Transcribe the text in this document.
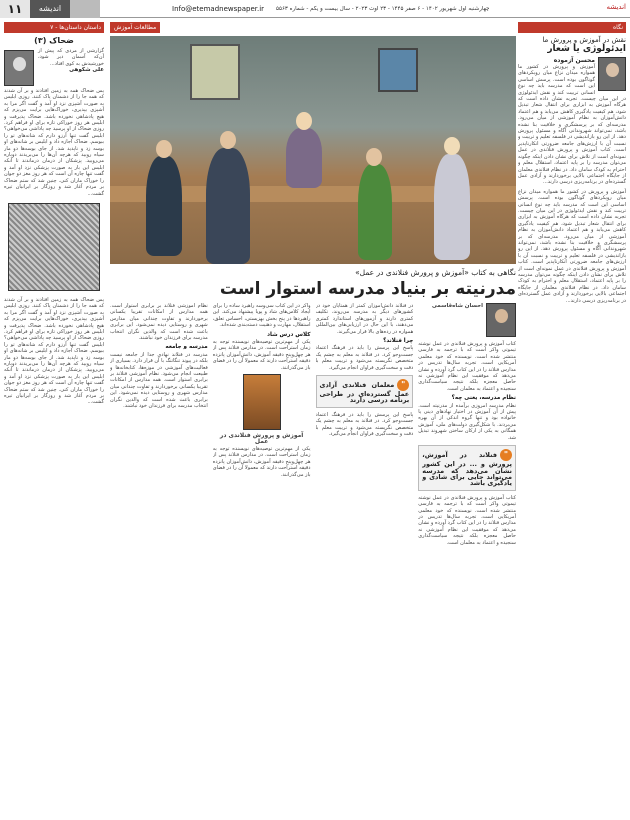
۱۱	اندیشه	Info@etemadnewspaper.ir چهارشنبه اول شهریور ۱۴۰۲ - ۶ صفر ۱۴۴۵ - ۲۳ اوت ۲۰۲۳ - سال بیست و یکم - شماره ۵۵۶۳	اندیشه
داستان داستان‌ها - ۷
ضحاک (۳)
گزارشی از مردی که پیش از آن‌که آسمان دیر شود، خورشیدش به کوی افتاد...
علی شکوهی
پس ضحاک همه به زمین افتادند و بر آن شدند که همه جا را از دشمنان پاک کنند. روزی ابلیس به صورت آشپزی نزد او آمد و گفت اگر مرا به آشپزی بپذیری، خوراک‌هایی برایت می‌پزم که هیچ پادشاهی نخورده باشد. ضحاک پذیرفت و ابلیس هر روز خوراکی تازه برای او فراهم کرد. روزی ضحاک از او پرسید چه پاداشی می‌خواهی؟ ابلیس گفت تنها آرزو دارم که شانه‌های تو را ببوسم. ضحاک اجازه داد و ابلیس بر شانه‌های او بوسه زد و ناپدید شد. از جای بوسه‌ها دو مار سیاه رویید که هرچه آن‌ها را می‌بریدند دوباره می‌رویید. پزشکان از درمان درماندند تا آنکه ابلیس این بار به صورت پزشکی نزد او آمد و گفت تنها چاره آن است که هر روز مغز دو جوان را خوراک ماران کنی. چنین شد که ستم ضحاک بر مردم آغاز شد و روزگار بر ایرانیان تیره گشت...
پس ضحاک همه به زمین افتادند و بر آن شدند که همه جا را از دشمنان پاک کنند. روزی ابلیس به صورت آشپزی نزد او آمد و گفت اگر مرا به آشپزی بپذیری، خوراک‌هایی برایت می‌پزم که هیچ پادشاهی نخورده باشد. ضحاک پذیرفت و ابلیس هر روز خوراکی تازه برای او فراهم کرد. روزی ضحاک از او پرسید چه پاداشی می‌خواهی؟ ابلیس گفت تنها آرزو دارم که شانه‌های تو را ببوسم. ضحاک اجازه داد و ابلیس بر شانه‌های او بوسه زد و ناپدید شد. از جای بوسه‌ها دو مار سیاه رویید که هرچه آن‌ها را می‌بریدند دوباره می‌رویید. پزشکان از درمان درماندند تا آنکه ابلیس این بار به صورت پزشکی نزد او آمد و گفت تنها چاره آن است که هر روز مغز دو جوان را خوراک ماران کنی. چنین شد که ستم ضحاک بر مردم آغاز شد و روزگار بر ایرانیان تیره گشت...
مطالعات آموزش
نگاهی به کتاب «آموزش و پرورش فنلاندی در عمل»
مدرنیته بر بنیاد مدرسه استوار است
احسان شاه‌قاسمی
کتاب آموزش و پرورش فنلاندی در عمل نوشته تیموتی واکر است که با ترجمه به فارسی منتشر شده است. نویسنده که خود معلمی آمریکایی است، تجربه سال‌ها تدریس در مدارس فنلاند را در این کتاب گرد آورده و نشان می‌دهد که موفقیت این نظام آموزشی نه حاصل معجزه بلکه نتیجه سیاست‌گذاری سنجیده و اعتماد به معلمان است.
نظام مدرسه، یعنی چه؟
نظام مدرسه امروزی برآمده از مدرنیته است. پیش از آن آموزش در اختیار نهادهای دینی یا خانواده بود و تنها گروه اندکی از آن بهره می‌بردند. با شکل‌گیری دولت‌های ملی، آموزش همگانی به یکی از ارکان ساختن شهروند تبدیل شد.
"فنلاند در آموزش، پرورش و ... در این کشور نشان می‌دهد که مدرسه می‌تواند جایی برای شادی و یادگیری باشد
کتاب آموزش و پرورش فنلاندی در عمل نوشته تیموتی واکر است که با ترجمه به فارسی منتشر شده است. نویسنده که خود معلمی آمریکایی است، تجربه سال‌ها تدریس در مدارس فنلاند را در این کتاب گرد آورده و نشان می‌دهد که موفقیت این نظام آموزشی نه حاصل معجزه بلکه نتیجه سیاست‌گذاری سنجیده و اعتماد به معلمان است.
در فنلاند دانش‌آموزان کمتر از همتایان خود در کشورهای دیگر به مدرسه می‌روند، تکلیف کمتری دارند و آزمون‌های استاندارد کمتری می‌دهند، با این حال در ارزیابی‌های بین‌المللی همواره در رده‌های بالا قرار می‌گیرند.
چرا فنلاند؟
پاسخ این پرسش را باید در فرهنگ اعتماد جست‌وجو کرد. در فنلاند به معلم به چشم یک متخصص نگریسته می‌شود و تربیت معلم با دقت و سخت‌گیری فراوان انجام می‌گیرد.
"معلمان فنلاندی آزادی عمل گسترده‌ای در طراحی برنامه درسی دارند
پاسخ این پرسش را باید در فرهنگ اعتماد جست‌وجو کرد. در فنلاند به معلم به چشم یک متخصص نگریسته می‌شود و تربیت معلم با دقت و سخت‌گیری فراوان انجام می‌گیرد.
واکر در این کتاب سی‌وسه راهبرد ساده را برای ایجاد کلاس‌های شاد و پویا پیشنهاد می‌کند. این راهبردها در پنج بخش بهزیستی، احساس تعلق، استقلال، مهارت و ذهنیت دسته‌بندی شده‌اند.
کلاس درس شاد
یکی از مهم‌ترین توصیه‌های نویسنده توجه به زمان استراحت است. در مدارس فنلاند پس از هر چهل‌وپنج دقیقه آموزش، دانش‌آموزان پانزده دقیقه استراحت دارند که معمولا آن را در فضای باز می‌گذرانند.
آموزش و پرورش فنلاندی در عمل
یکی از مهم‌ترین توصیه‌های نویسنده توجه به زمان استراحت است. در مدارس فنلاند پس از هر چهل‌وپنج دقیقه آموزش، دانش‌آموزان پانزده دقیقه استراحت دارند که معمولا آن را در فضای باز می‌گذرانند.
نظام آموزشی فنلاند بر برابری استوار است. همه مدارس از امکانات تقریبا یکسانی برخوردارند و تفاوت چندانی میان مدارس شهری و روستایی دیده نمی‌شود. این برابری باعث شده است که والدین نگران انتخاب مدرسه برای فرزندان خود نباشند.
مدرسه و جامعه
مدرسه در فنلاند نهادی جدا از جامعه نیست بلکه در پیوند تنگاتنگ با آن قرار دارد. بسیاری از فعالیت‌های آموزشی در موزه‌ها، کتابخانه‌ها و طبیعت انجام می‌شود. نظام آموزشی فنلاند بر برابری استوار است. همه مدارس از امکانات تقریبا یکسانی برخوردارند و تفاوت چندانی میان مدارس شهری و روستایی دیده نمی‌شود. این برابری باعث شده است که والدین نگران انتخاب مدرسه برای فرزندان خود نباشند.
نگاه
نقش در آموزش و پرورش ما
ایدئولوژی یا شعار
محسن آزموده
آموزش و پرورش در کشور ما همواره میدان نزاع میان رویکردهای گوناگون بوده است. پرسش اساسی این است که مدرسه باید چه نوع انسانی تربیت کند و نقش ایدئولوژی در این میان چیست. تجربه نشان داده است که هرگاه آموزش به ابزاری برای انتقال شعار تبدیل شود، هم کیفیت یادگیری کاهش می‌یابد و هم اعتماد دانش‌آموزان به نظام آموزشی از میان می‌رود. مدرسه‌ای که بر پرسشگری و خلاقیت بنا نشده باشد، نمی‌تواند شهروندانی آگاه و مسئول پرورش دهد. از این رو بازاندیشی در فلسفه تعلیم و تربیت و نسبت آن با ارزش‌های جامعه ضرورتی انکارناپذیر است. کتاب آموزش و پرورش فنلاندی در عمل نمونه‌ای است از تلاش برای نشان دادن اینکه چگونه می‌توان مدرسه را بر پایه اعتماد، استقلال معلم و احترام به کودک سامان داد. در نظام فنلاندی معلمان از جایگاه اجتماعی بالایی برخوردارند و آزادی عمل گسترده‌ای در برنامه‌ریزی درسی دارند...
آموزش و پرورش در کشور ما همواره میدان نزاع میان رویکردهای گوناگون بوده است. پرسش اساسی این است که مدرسه باید چه نوع انسانی تربیت کند و نقش ایدئولوژی در این میان چیست. تجربه نشان داده است که هرگاه آموزش به ابزاری برای انتقال شعار تبدیل شود، هم کیفیت یادگیری کاهش می‌یابد و هم اعتماد دانش‌آموزان به نظام آموزشی از میان می‌رود. مدرسه‌ای که بر پرسشگری و خلاقیت بنا نشده باشد، نمی‌تواند شهروندانی آگاه و مسئول پرورش دهد. از این رو بازاندیشی در فلسفه تعلیم و تربیت و نسبت آن با ارزش‌های جامعه ضرورتی انکارناپذیر است. کتاب آموزش و پرورش فنلاندی در عمل نمونه‌ای است از تلاش برای نشان دادن اینکه چگونه می‌توان مدرسه را بر پایه اعتماد، استقلال معلم و احترام به کودک سامان داد. در نظام فنلاندی معلمان از جایگاه اجتماعی بالایی برخوردارند و آزادی عمل گسترده‌ای در برنامه‌ریزی درسی دارند...
